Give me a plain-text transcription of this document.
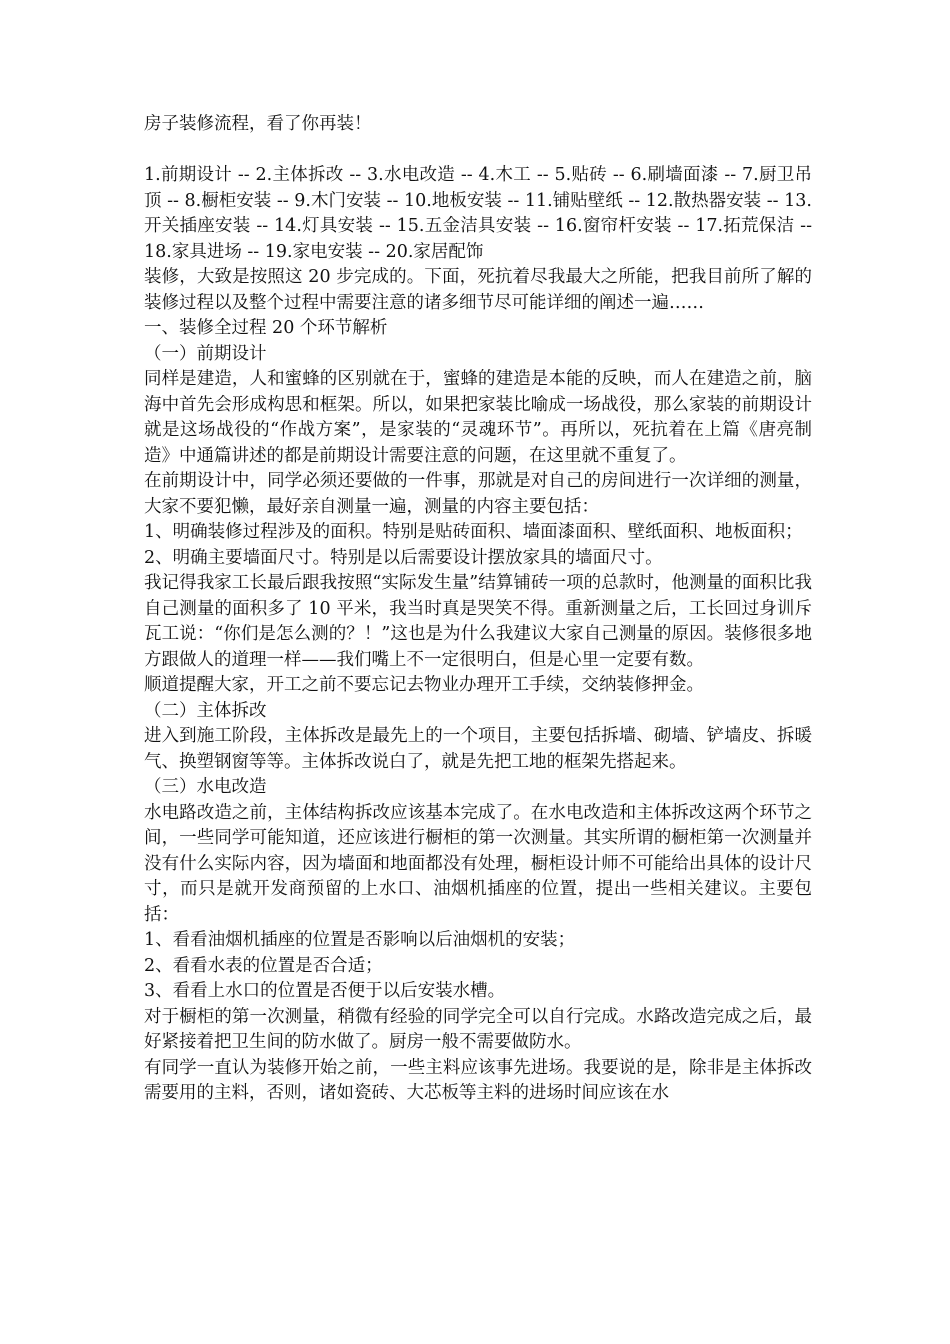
房子装修流程，看了你再装！

1.前期设计 -- 2.主体拆改 -- 3.水电改造 -- 4.木工 -- 5.贴砖 -- 6.刷墙面漆 -- 7.厨卫吊顶 -- 8.橱柜安装 -- 9.木门安装 -- 10.地板安装 -- 11.铺贴壁纸 -- 12.散热器安装 -- 13.开关插座安装 -- 14.灯具安装 -- 15.五金洁具安装 -- 16.窗帘杆安装 -- 17.拓荒保洁 -- 18.家具进场 -- 19.家电安装 -- 20.家居配饰

装修，大致是按照这 20 步完成的。下面，死抗着尽我最大之所能，把我目前所了解的装修过程以及整个过程中需要注意的诸多细节尽可能详细的阐述一遍……

一、装修全过程 20 个环节解析

（一）前期设计

同样是建造，人和蜜蜂的区别就在于，蜜蜂的建造是本能的反映，而人在建造之前，脑海中首先会形成构思和框架。所以，如果把家装比喻成一场战役，那么家装的前期设计就是这场战役的“作战方案”，是家装的“灵魂环节”。再所以，死抗着在上篇《唐亮制造》中通篇讲述的都是前期设计需要注意的问题，在这里就不重复了。

在前期设计中，同学必须还要做的一件事，那就是对自己的房间进行一次详细的测量，大家不要犯懒，最好亲自测量一遍，测量的内容主要包括：

1、明确装修过程涉及的面积。特别是贴砖面积、墙面漆面积、壁纸面积、地板面积；

2、明确主要墙面尺寸。特别是以后需要设计摆放家具的墙面尺寸。

我记得我家工长最后跟我按照“实际发生量”结算铺砖一项的总款时，他测量的面积比我自己测量的面积多了 10 平米，我当时真是哭笑不得。重新测量之后，工长回过身训斥瓦工说：“你们是怎么测的？！”这也是为什么我建议大家自己测量的原因。装修很多地方跟做人的道理一样——我们嘴上不一定很明白，但是心里一定要有数。

顺道提醒大家，开工之前不要忘记去物业办理开工手续，交纳装修押金。

（二）主体拆改

进入到施工阶段，主体拆改是最先上的一个项目，主要包括拆墙、砌墙、铲墙皮、拆暖气、换塑钢窗等等。主体拆改说白了，就是先把工地的框架先搭起来。

（三）水电改造

水电路改造之前，主体结构拆改应该基本完成了。在水电改造和主体拆改这两个环节之间，一些同学可能知道，还应该进行橱柜的第一次测量。其实所谓的橱柜第一次测量并没有什么实际内容，因为墙面和地面都没有处理，橱柜设计师不可能给出具体的设计尺寸，而只是就开发商预留的上水口、油烟机插座的位置，提出一些相关建议。主要包括：

1、看看油烟机插座的位置是否影响以后油烟机的安装；

2、看看水表的位置是否合适；

3、看看上水口的位置是否便于以后安装水槽。

对于橱柜的第一次测量，稍微有经验的同学完全可以自行完成。水路改造完成之后，最好紧接着把卫生间的防水做了。厨房一般不需要做防水。

有同学一直认为装修开始之前，一些主料应该事先进场。我要说的是，除非是主体拆改需要用的主料，否则，诸如瓷砖、大芯板等主料的进场时间应该在水
